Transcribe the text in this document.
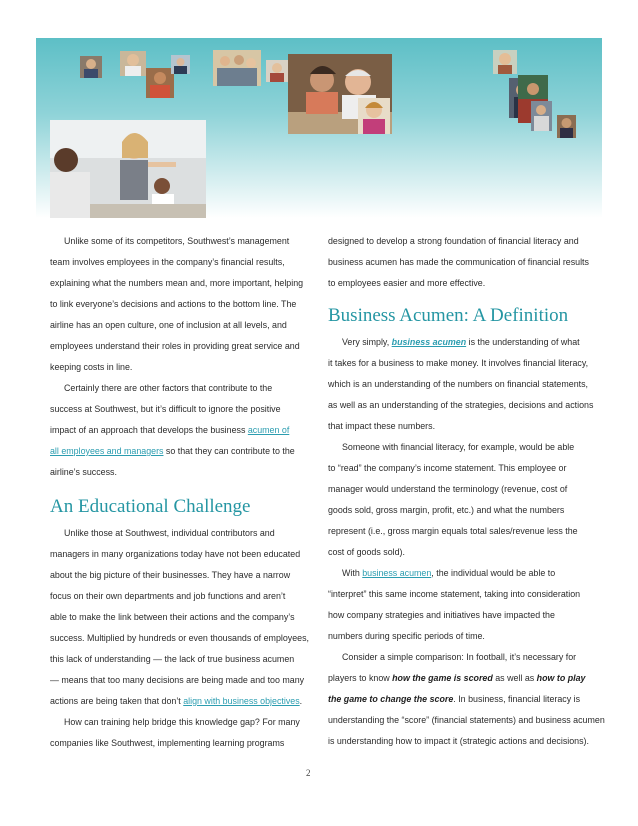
Unlike some of its competitors, Southwest’s management
team involves employees in the company’s financial results,
explaining what the numbers mean and, more important, helping
to link everyone’s decisions and actions to the bottom line. The
airline has an open culture, one of inclusion at all levels, and
employees understand their roles in providing great service and
keeping costs in line.

Certainly there are other factors that contribute to the
success at Southwest, but it’s difficult to ignore the positive
impact of an approach that develops the business acumen of
all employees and managers so that they can contribute to the
airline’s success.

An Educational Challenge

Unlike those at Southwest, individual contributors and
managers in many organizations today have not been educated
about the big picture of their businesses. They have a narrow
focus on their own departments and job functions and aren’t
able to make the link between their actions and the company’s
success. Multiplied by hundreds or even thousands of employees,
this lack of understanding — the lack of true business acumen
— means that too many decisions are being made and too many
actions are being taken that don’t align with business objectives.

How can training help bridge this knowledge gap? For many
companies like Southwest, implementing learning programs

designed to develop a strong foundation of financial literacy and
business acumen has made the communication of financial results
to employees easier and more effective.

Business Acumen: A Definition

Very simply, business acumen is the understanding of what
it takes for a business to make money. It involves financial literacy,
which is an understanding of the numbers on financial statements,
as well as an understanding of the strategies, decisions and actions
that impact these numbers.

Someone with financial literacy, for example, would be able
to “read” the company’s income statement. This employee or
manager would understand the terminology (revenue, cost of
goods sold, gross margin, profit, etc.) and what the numbers
represent (i.e., gross margin equals total sales/revenue less the
cost of goods sold).

With business acumen, the individual would be able to
“interpret” this same income statement, taking into consideration
how company strategies and initiatives have impacted the
numbers during specific periods of time.

Consider a simple comparison: In football, it’s necessary for
players to know how the game is scored as well as how to play
the game to change the score. In business, financial literacy is
understanding the “score” (financial statements) and business acumen
is understanding how to impact it (strategic actions and decisions).

2
